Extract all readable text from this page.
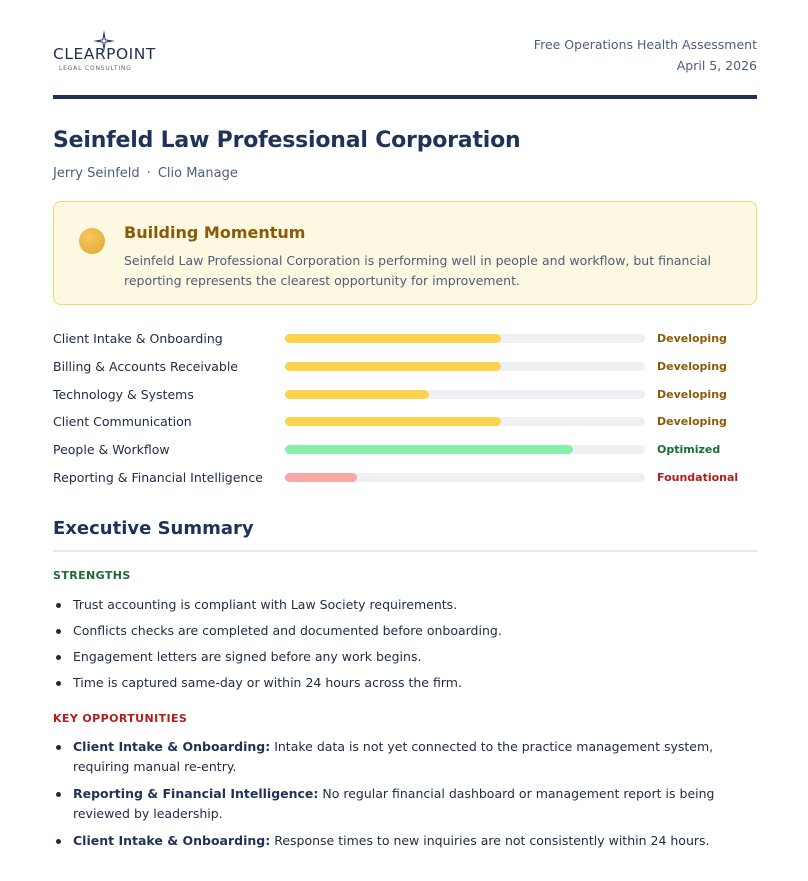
CLEARPOINT
LEGAL CONSULTING
Free Operations Health Assessment
April 5, 2026
Seinfeld Law Professional Corporation
Jerry Seinfeld · Clio Manage
Building Momentum
Seinfeld Law Professional Corporation is performing well in people and workflow, but financial reporting represents the clearest opportunity for improvement.
Client Intake & Onboarding	Developing
Billing & Accounts Receivable	Developing
Technology & Systems	Developing
Client Communication	Developing
People & Workflow	Optimized
Reporting & Financial Intelligence	Foundational
Executive Summary
STRENGTHS
Trust accounting is compliant with Law Society requirements.
Conflicts checks are completed and documented before onboarding.
Engagement letters are signed before any work begins.
Time is captured same-day or within 24 hours across the firm.
KEY OPPORTUNITIES
Client Intake & Onboarding: Intake data is not yet connected to the practice management system, requiring manual re-entry.
Reporting & Financial Intelligence: No regular financial dashboard or management report is being reviewed by leadership.
Client Intake & Onboarding: Response times to new inquiries are not consistently within 24 hours.
